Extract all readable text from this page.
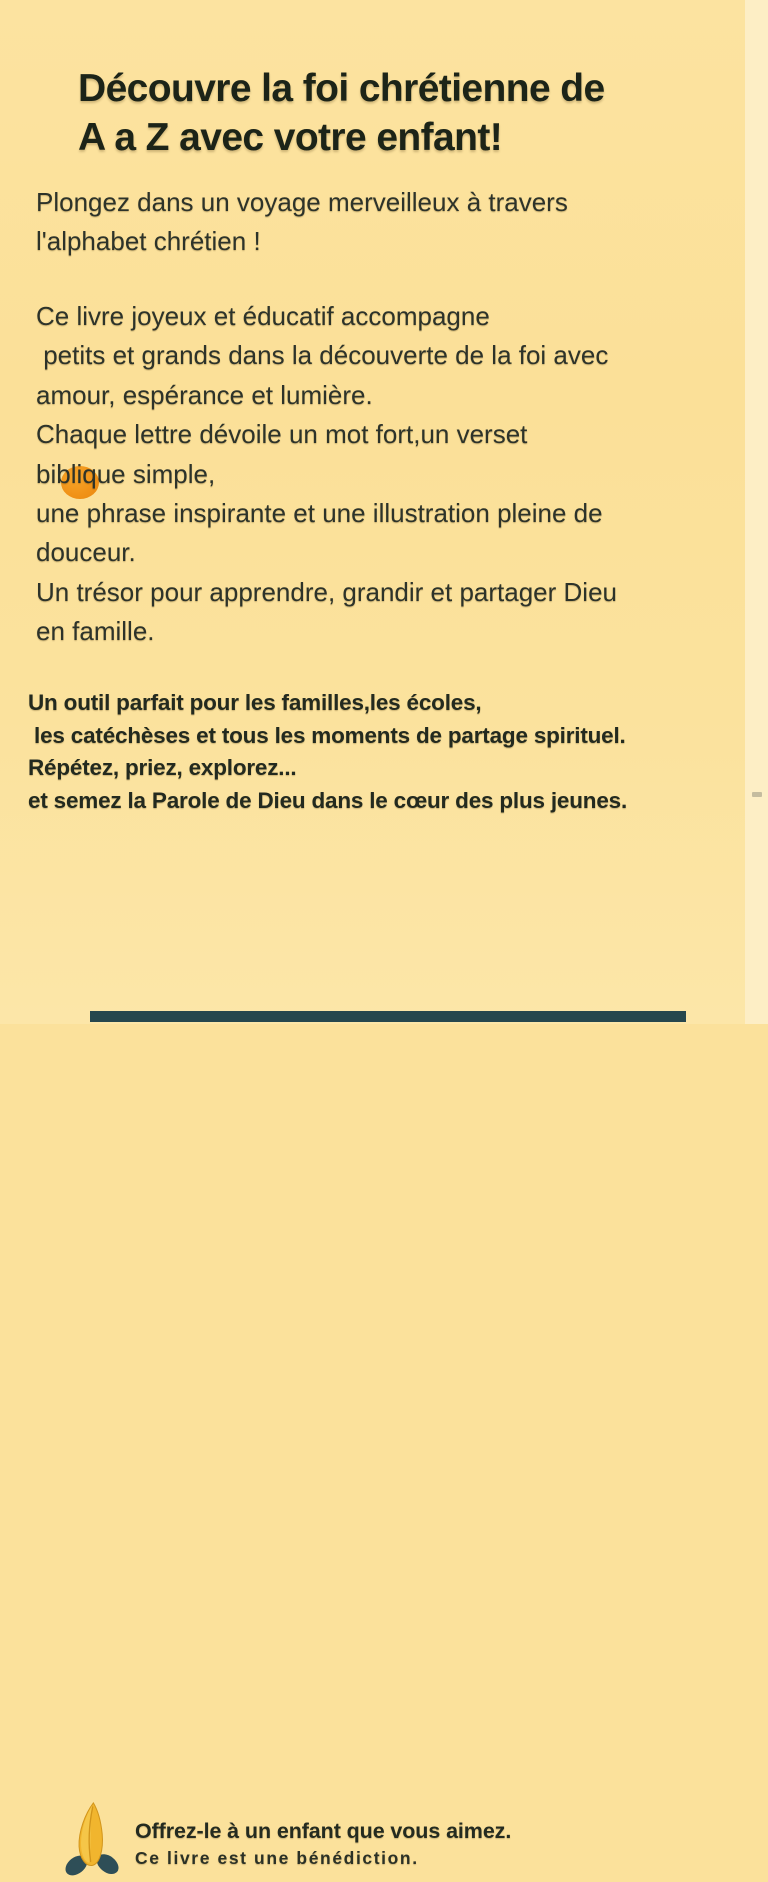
Découvre la foi chrétienne de
A a Z avec votre enfant!
Plongez dans un voyage merveilleux à travers
l'alphabet chrétien !
Ce livre joyeux et éducatif accompagne
petits et grands dans la découverte de la foi avec
amour, espérance et lumière.
Chaque lettre dévoile un mot fort,un verset
biblique simple,
une phrase inspirante et une illustration pleine de
douceur.
Un trésor pour apprendre, grandir et partager Dieu
en famille.
Un outil parfait pour les familles,les écoles,
les catéchèses et tous les moments de partage spirituel.
Répétez, priez, explorez...
et semez la Parole de Dieu dans le cœur des plus jeunes.
Offrez-le à un enfant que vous aimez.
Ce livre est une bénédiction.
